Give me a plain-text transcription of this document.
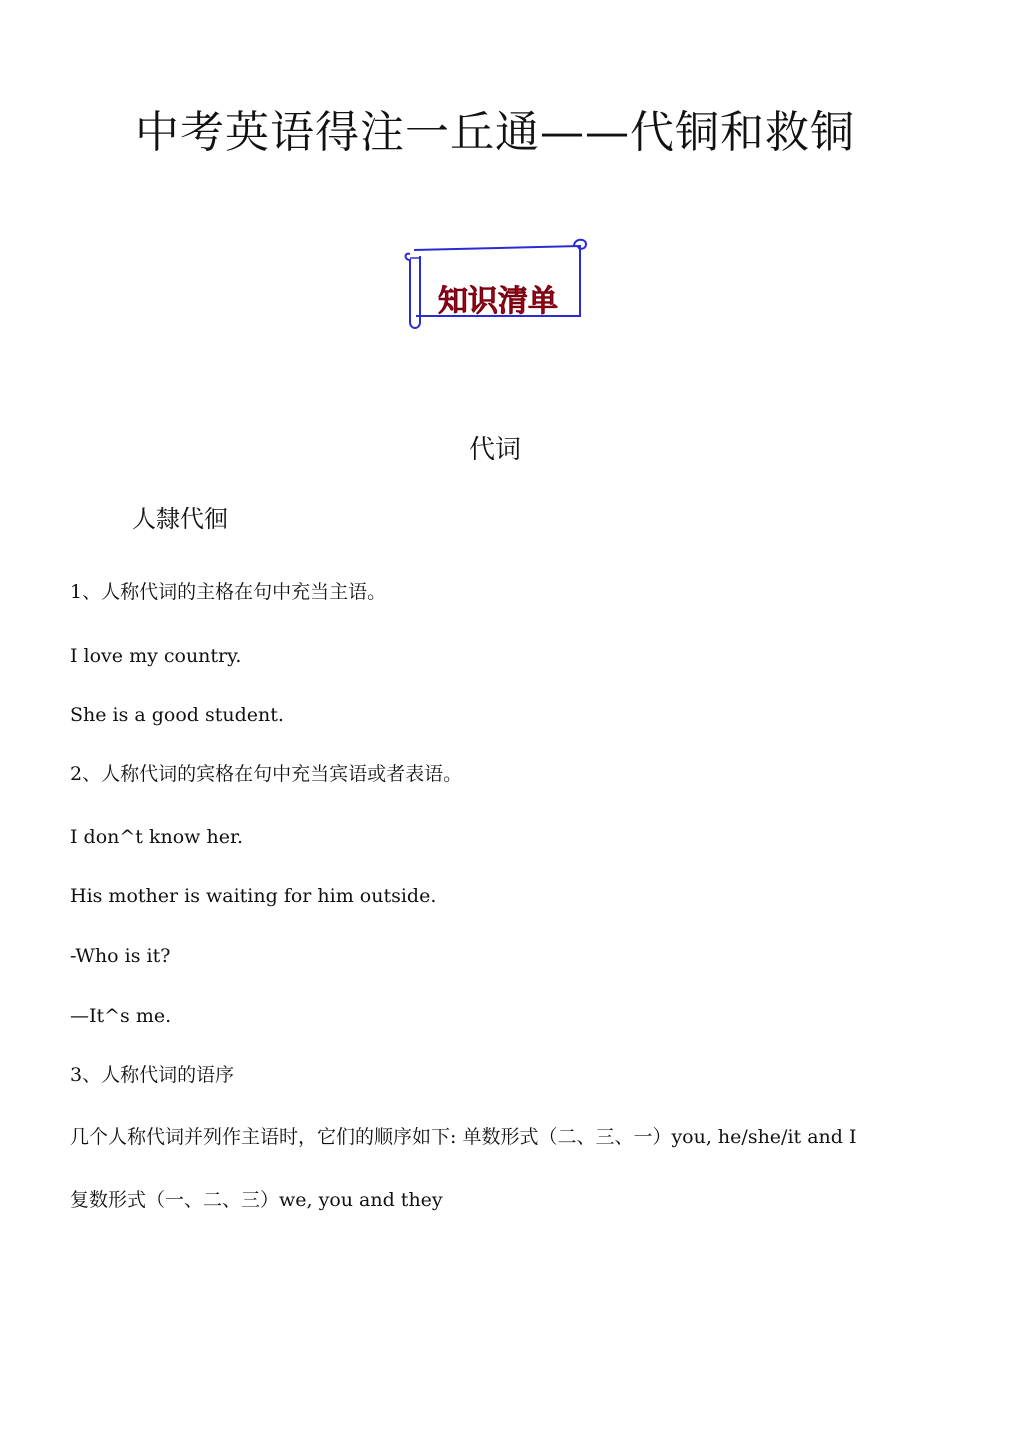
中考英语得注一丘通——代铜和救铜
知识清单
代词
人隸代徊
1、人称代词的主格在句中充当主语。
I love my country.
She is a good student.
2、人称代词的宾格在句中充当宾语或者表语。
I don^t know her.
His mother is waiting for him outside.
-Who is it?
—It^s me.
3、人称代词的语序
几个人称代词并列作主语时，它们的顺序如下: 单数形式（二、三、一）you, he/she/it and I
复数形式（一、二、三）we, you and they
